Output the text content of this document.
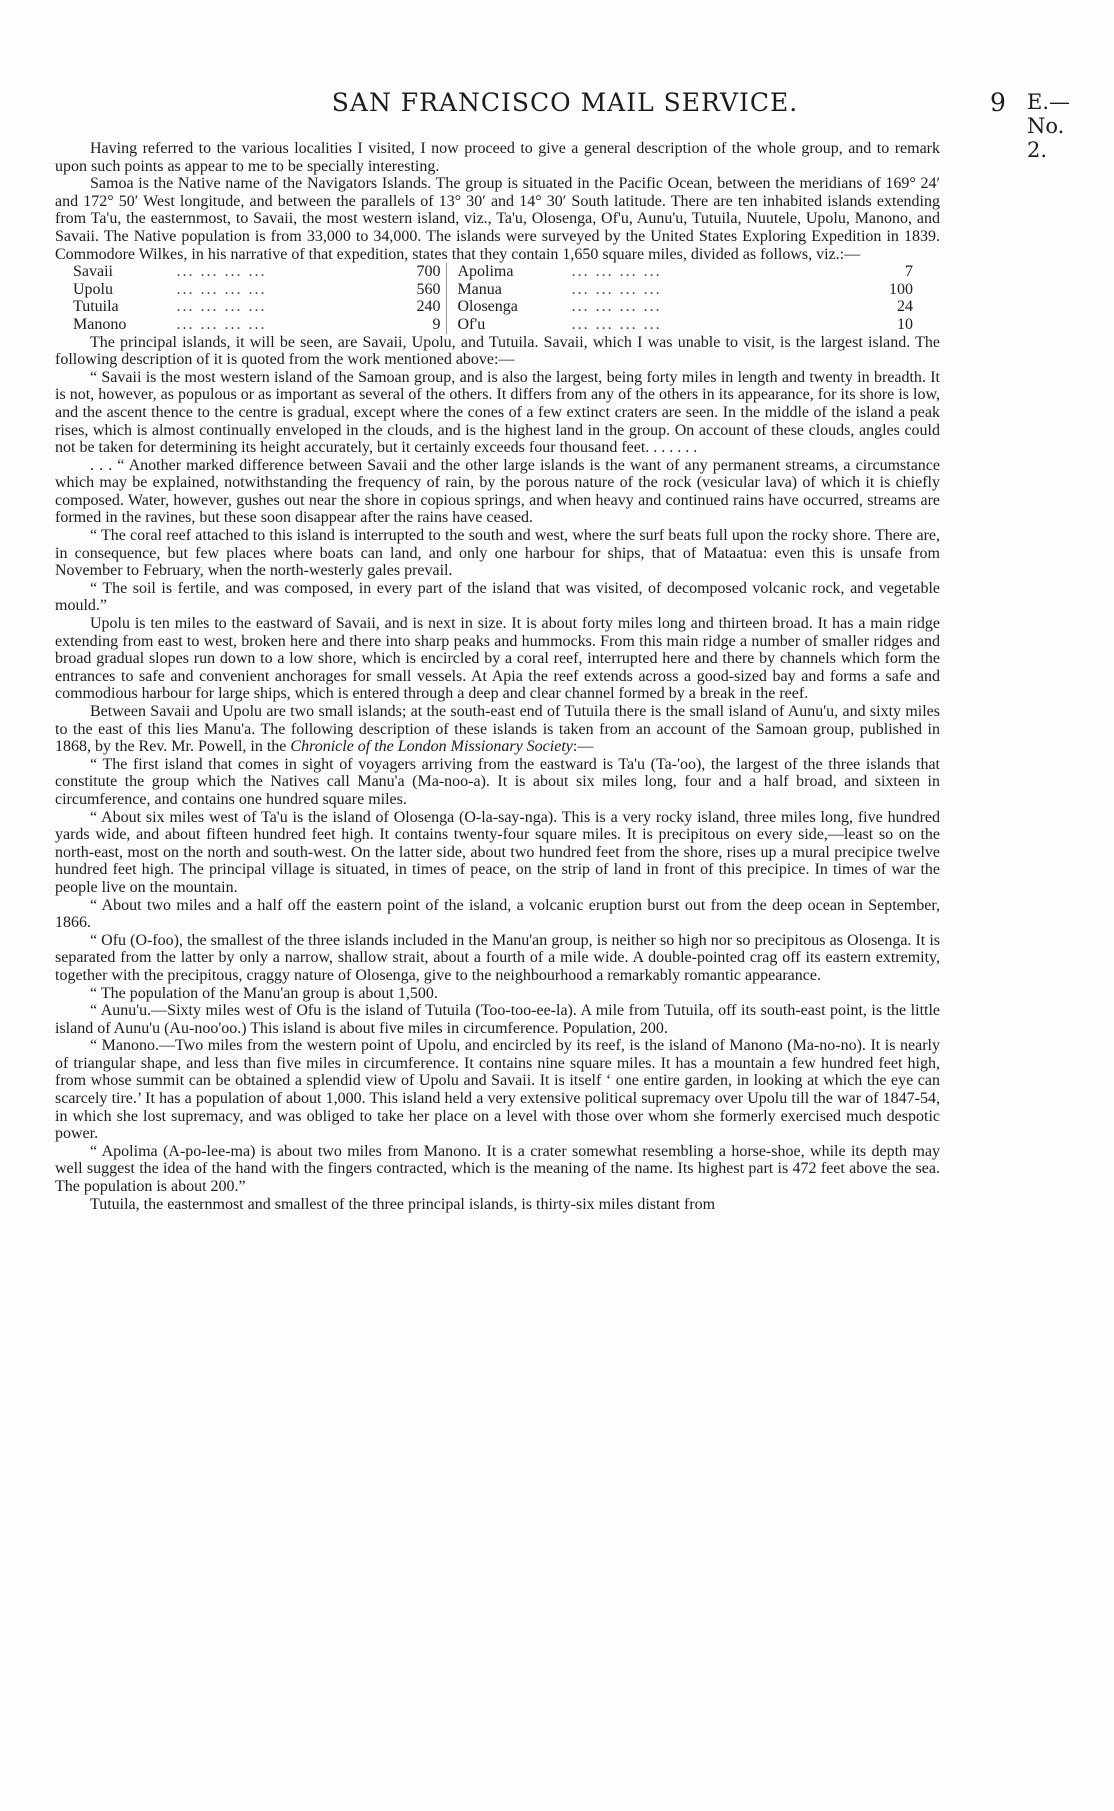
SAN FRANCISCO MAIL SERVICE.	9 E.—No. 2.

Having referred to the various localities I visited, I now proceed to give a general description of the whole group, and to remark upon such points as appear to me to be specially interesting.

Samoa is the Native name of the Navigators Islands. The group is situated in the Pacific Ocean, between the meridians of 169° 24′ and 172° 50′ West longitude, and between the parallels of 13° 30′ and 14° 30′ South latitude. There are ten inhabited islands extending from Ta'u, the easternmost, to Savaii, the most western island, viz., Ta'u, Olosenga, Of'u, Aunu'u, Tutuila, Nuutele, Upolu, Manono, and Savaii. The Native population is from 33,000 to 34,000. The islands were surveyed by the United States Exploring Expedition in 1839. Commodore Wilkes, in his narrative of that expedition, states that they contain 1,650 square miles, divided as follows, viz.:—

Savaii	... ... ... ...	700	Apolima	... ... ... ...	7
Upolu	... ... ... ...	560	Manua	... ... ... ...	100
Tutuila	... ... ... ...	240	Olosenga	... ... ... ...	24
Manono	... ... ... ...	9	Of'u	... ... ... ...	10

The principal islands, it will be seen, are Savaii, Upolu, and Tutuila. Savaii, which I was unable to visit, is the largest island. The following description of it is quoted from the work mentioned above:—

“ Savaii is the most western island of the Samoan group, and is also the largest, being forty miles in length and twenty in breadth. It is not, however, as populous or as important as several of the others. It differs from any of the others in its appearance, for its shore is low, and the ascent thence to the centre is gradual, except where the cones of a few extinct craters are seen. In the middle of the island a peak rises, which is almost continually enveloped in the clouds, and is the highest land in the group. On account of these clouds, angles could not be taken for determining its height accurately, but it certainly exceeds four thousand feet. . . . . . .

. . . “ Another marked difference between Savaii and the other large islands is the want of any permanent streams, a circumstance which may be explained, notwithstanding the frequency of rain, by the porous nature of the rock (vesicular lava) of which it is chiefly composed. Water, however, gushes out near the shore in copious springs, and when heavy and continued rains have occurred, streams are formed in the ravines, but these soon disappear after the rains have ceased.

“ The coral reef attached to this island is interrupted to the south and west, where the surf beats full upon the rocky shore. There are, in consequence, but few places where boats can land, and only one harbour for ships, that of Mataatua: even this is unsafe from November to February, when the north-westerly gales prevail.

“ The soil is fertile, and was composed, in every part of the island that was visited, of decomposed volcanic rock, and vegetable mould.”

Upolu is ten miles to the eastward of Savaii, and is next in size. It is about forty miles long and thirteen broad. It has a main ridge extending from east to west, broken here and there into sharp peaks and hummocks. From this main ridge a number of smaller ridges and broad gradual slopes run down to a low shore, which is encircled by a coral reef, interrupted here and there by channels which form the entrances to safe and convenient anchorages for small vessels. At Apia the reef extends across a good-sized bay and forms a safe and commodious harbour for large ships, which is entered through a deep and clear channel formed by a break in the reef.

Between Savaii and Upolu are two small islands; at the south-east end of Tutuila there is the small island of Aunu'u, and sixty miles to the east of this lies Manu'a. The following description of these islands is taken from an account of the Samoan group, published in 1868, by the Rev. Mr. Powell, in the Chronicle of the London Missionary Society:—

“ The first island that comes in sight of voyagers arriving from the eastward is Ta'u (Ta-'oo), the largest of the three islands that constitute the group which the Natives call Manu'a (Ma-noo-a). It is about six miles long, four and a half broad, and sixteen in circumference, and contains one hundred square miles.

“ About six miles west of Ta'u is the island of Olosenga (O-la-say-nga). This is a very rocky island, three miles long, five hundred yards wide, and about fifteen hundred feet high. It contains twenty-four square miles. It is precipitous on every side,—least so on the north-east, most on the north and south-west. On the latter side, about two hundred feet from the shore, rises up a mural precipice twelve hundred feet high. The principal village is situated, in times of peace, on the strip of land in front of this precipice. In times of war the people live on the mountain.

“ About two miles and a half off the eastern point of the island, a volcanic eruption burst out from the deep ocean in September, 1866.

“ Ofu (O-foo), the smallest of the three islands included in the Manu'an group, is neither so high nor so precipitous as Olosenga. It is separated from the latter by only a narrow, shallow strait, about a fourth of a mile wide. A double-pointed crag off its eastern extremity, together with the precipitous, craggy nature of Olosenga, give to the neighbourhood a remarkably romantic appearance.

“ The population of the Manu'an group is about 1,500.

“ Aunu'u.—Sixty miles west of Ofu is the island of Tutuila (Too-too-ee-la). A mile from Tutuila, off its south-east point, is the little island of Aunu'u (Au-noo'oo.) This island is about five miles in circumference. Population, 200.

“ Manono.—Two miles from the western point of Upolu, and encircled by its reef, is the island of Manono (Ma-no-no). It is nearly of triangular shape, and less than five miles in circumference. It contains nine square miles. It has a mountain a few hundred feet high, from whose summit can be obtained a splendid view of Upolu and Savaii. It is itself ‘ one entire garden, in looking at which the eye can scarcely tire.’ It has a population of about 1,000. This island held a very extensive political supremacy over Upolu till the war of 1847-54, in which she lost supremacy, and was obliged to take her place on a level with those over whom she formerly exercised much despotic power.

“ Apolima (A-po-lee-ma) is about two miles from Manono. It is a crater somewhat resembling a horse-shoe, while its depth may well suggest the idea of the hand with the fingers contracted, which is the meaning of the name. Its highest part is 472 feet above the sea. The population is about 200.”

Tutuila, the easternmost and smallest of the three principal islands, is thirty-six miles distant from
